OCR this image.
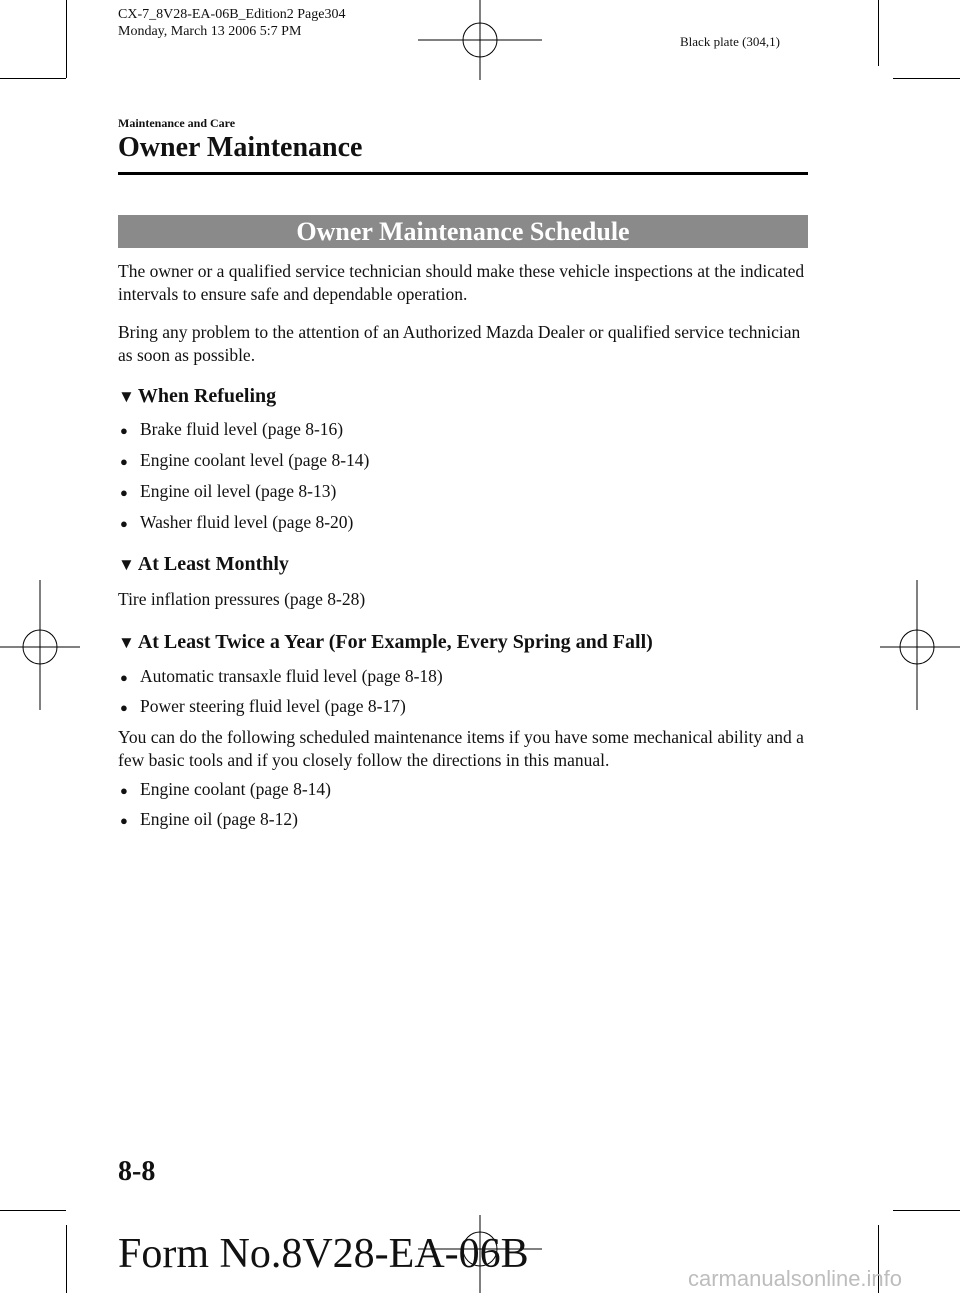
CX-7_8V28-EA-06B_Edition2 Page304
Monday, March 13 2006 5:7 PM
Black plate (304,1)
Maintenance and Care
Owner Maintenance
Owner Maintenance Schedule
The owner or a qualified service technician should make these vehicle inspections at the indicated intervals to ensure safe and dependable operation.
Bring any problem to the attention of an Authorized Mazda Dealer or qualified service technician as soon as possible.
▼ When Refueling
● Brake fluid level (page 8-16)
● Engine coolant level (page 8-14)
● Engine oil level (page 8-13)
● Washer fluid level (page 8-20)
▼ At Least Monthly
Tire inflation pressures (page 8-28)
▼ At Least Twice a Year (For Example, Every Spring and Fall)
● Automatic transaxle fluid level (page 8-18)
● Power steering fluid level (page 8-17)
You can do the following scheduled maintenance items if you have some mechanical ability and a few basic tools and if you closely follow the directions in this manual.
● Engine coolant (page 8-14)
● Engine oil (page 8-12)
8-8
Form No.8V28-EA-06B
carmanualsonline.info
